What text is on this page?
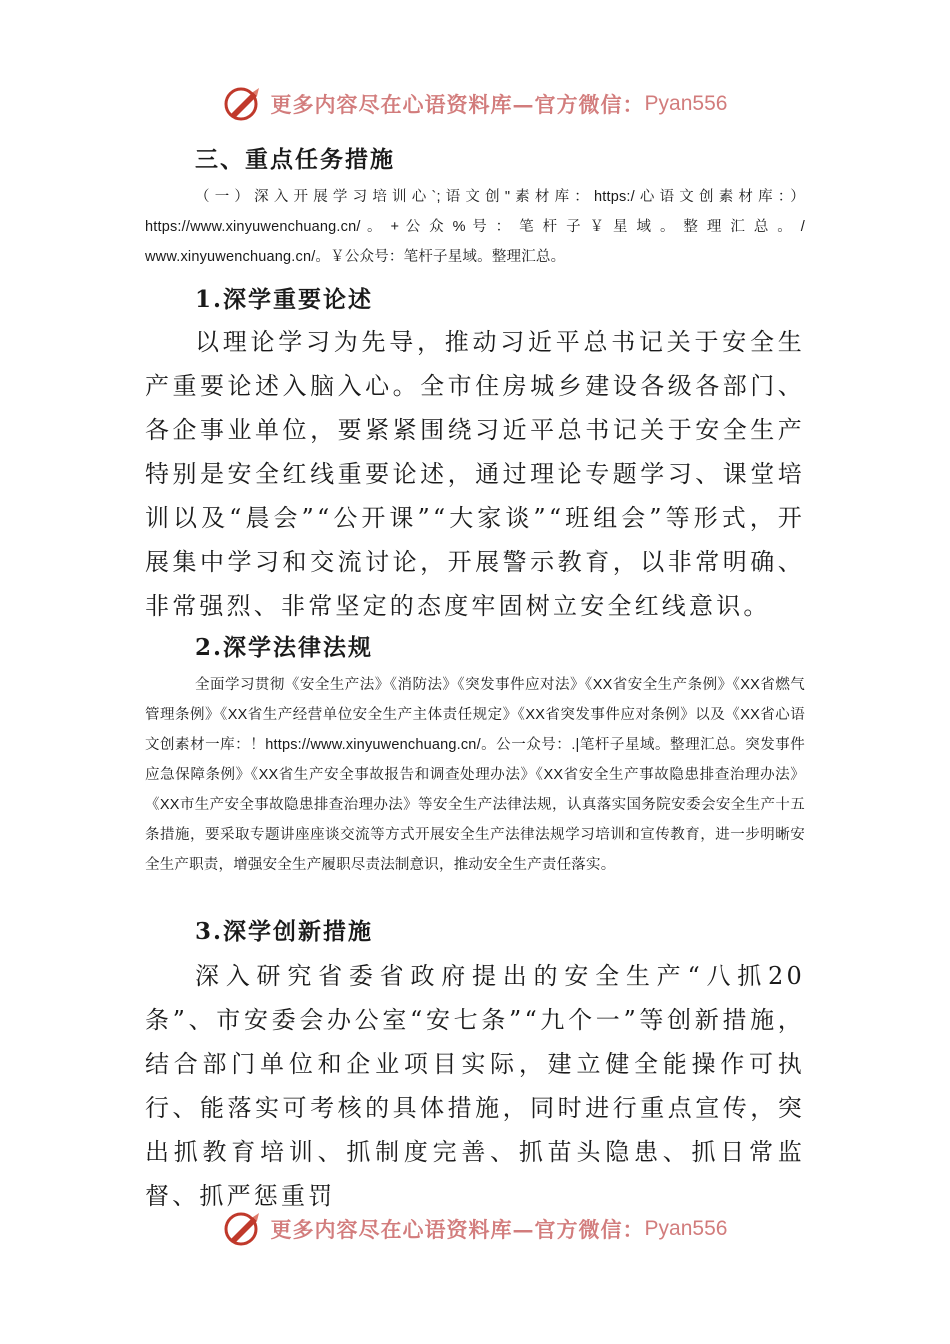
更多内容尽在心语资料库—官方微信： Pyan556
三、重点任务措施

（一）深入开展学习培训心`;语文创"素材库：https:/心语文创素材库：）https://www.xinyuwenchuang.cn/ 。 + 公 众 % 号 ： 笔 杆 子 ￥ 星 域 。 整 理 汇 总 。 / www.xinyuwenchuang.cn/。￥公众号：笔杆子星域。整理汇总。

1.深学重要论述

以理论学习为先导，推动习近平总书记关于安全生产重要论述入脑入心。全市住房城乡建设各级各部门、各企事业单位，要紧紧围绕习近平总书记关于安全生产特别是安全红线重要论述，通过理论专题学习、课堂培训以及“晨会”“公开课”“大家谈”“班组会”等形式，开展集中学习和交流讨论，开展警示教育，以非常明确、非常强烈、非常坚定的态度牢固树立安全红线意识。

2.深学法律法规

全面学习贯彻《安全生产法》《消防法》《突发事件应对法》《XX省安全生产条例》《XX省燃气管理条例》《XX省生产经营单位安全生产主体责任规定》《XX省突发事件应对条例》以及《XX省心语文创素材一库：！https://www.xinyuwenchuang.cn/。公一众号：.|笔杆子星域。整理汇总。突发事件应急保障条例》《XX省生产安全事故报告和调查处理办法》《XX省安全生产事故隐患排查治理办法》《XX市生产安全事故隐患排查治理办法》等安全生产法律法规，认真落实国务院安委会安全生产十五条措施，要采取专题讲座座谈交流等方式开展安全生产法律法规学习培训和宣传教育，进一步明晰安全生产职责，增强安全生产履职尽责法制意识，推动安全生产责任落实。

3.深学创新措施

深入研究省委省政府提出的安全生产“八抓20条”、市安委会办公室“安七条”“九个一”等创新措施，结合部门单位和企业项目实际，建立健全能操作可执行、能落实可考核的具体措施，同时进行重点宣传，突出抓教育培训、抓制度完善、抓苗头隐患、抓日常监督、抓严惩重罚

更多内容尽在心语资料库—官方微信： Pyan556
